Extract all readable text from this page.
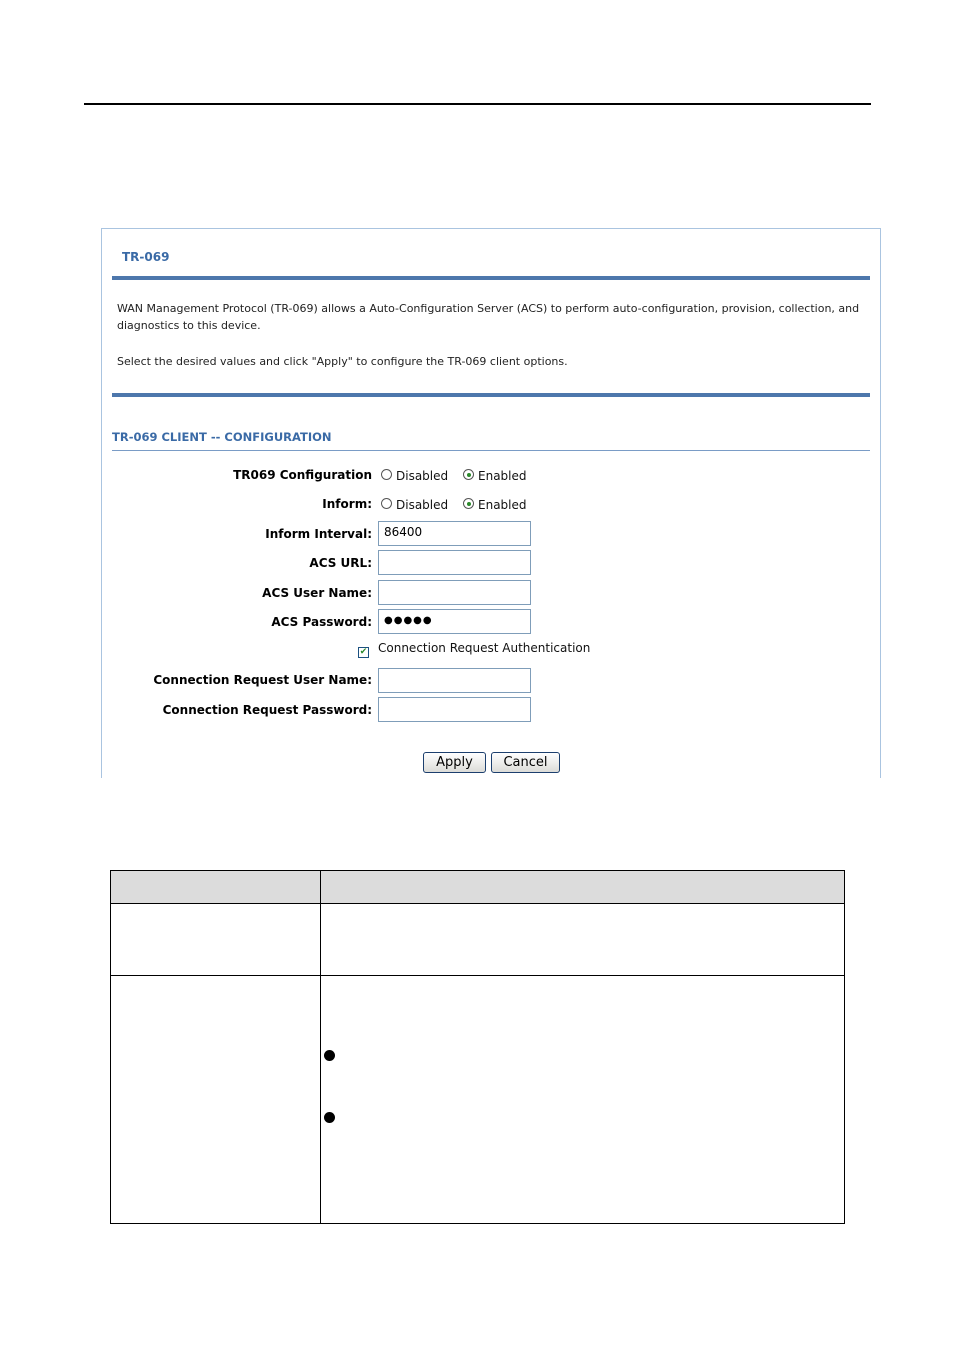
TR-069
WAN Management Protocol (TR-069) allows a Auto-Configuration Server (ACS) to perform auto-configuration, provision, collection, and diagnostics to this device.
Select the desired values and click "Apply" to configure the TR-069 client options.
TR-069 CLIENT -- CONFIGURATION
TR069 Configuration Disabled Enabled
Inform: Disabled Enabled
Inform Interval:	86400
ACS URL:
ACS User Name:
ACS Password:	●●●●●
✔ Connection Request Authentication
Connection Request User Name:
Connection Request Password:
Apply	Cancel
